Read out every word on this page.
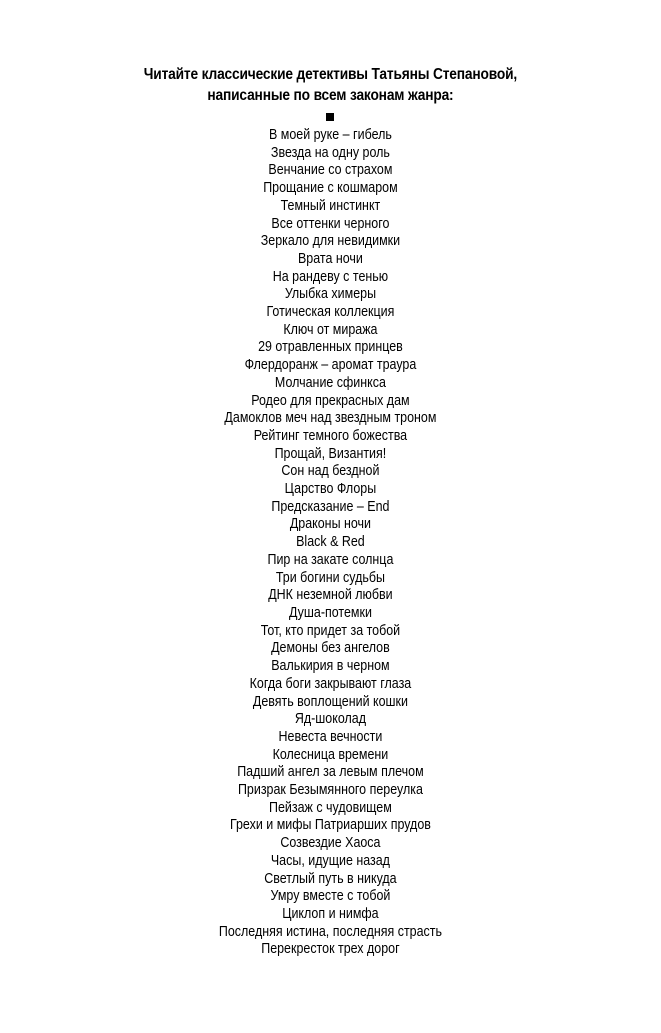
Читайте классические детективы Татьяны Степановой,
написанные по всем законам жанра:
В моей руке – гибель
Звезда на одну роль
Венчание со страхом
Прощание с кошмаром
Темный инстинкт
Все оттенки черного
Зеркало для невидимки
Врата ночи
На рандеву с тенью
Улыбка химеры
Готическая коллекция
Ключ от миража
29 отравленных принцев
Флердоранж – аромат траура
Молчание сфинкса
Родео для прекрасных дам
Дамоклов меч над звездным троном
Рейтинг темного божества
Прощай, Византия!
Сон над бездной
Царство Флоры
Предсказание – End
Драконы ночи
Black & Red
Пир на закате солнца
Три богини судьбы
ДНК неземной любви
Душа-потемки
Тот, кто придет за тобой
Демоны без ангелов
Валькирия в черном
Когда боги закрывают глаза
Девять воплощений кошки
Яд-шоколад
Невеста вечности
Колесница времени
Падший ангел за левым плечом
Призрак Безымянного переулка
Пейзаж с чудовищем
Грехи и мифы Патриарших прудов
Созвездие Хаоса
Часы, идущие назад
Светлый путь в никуда
Умру вместе с тобой
Циклоп и нимфа
Последняя истина, последняя страсть
Перекресток трех дорог
